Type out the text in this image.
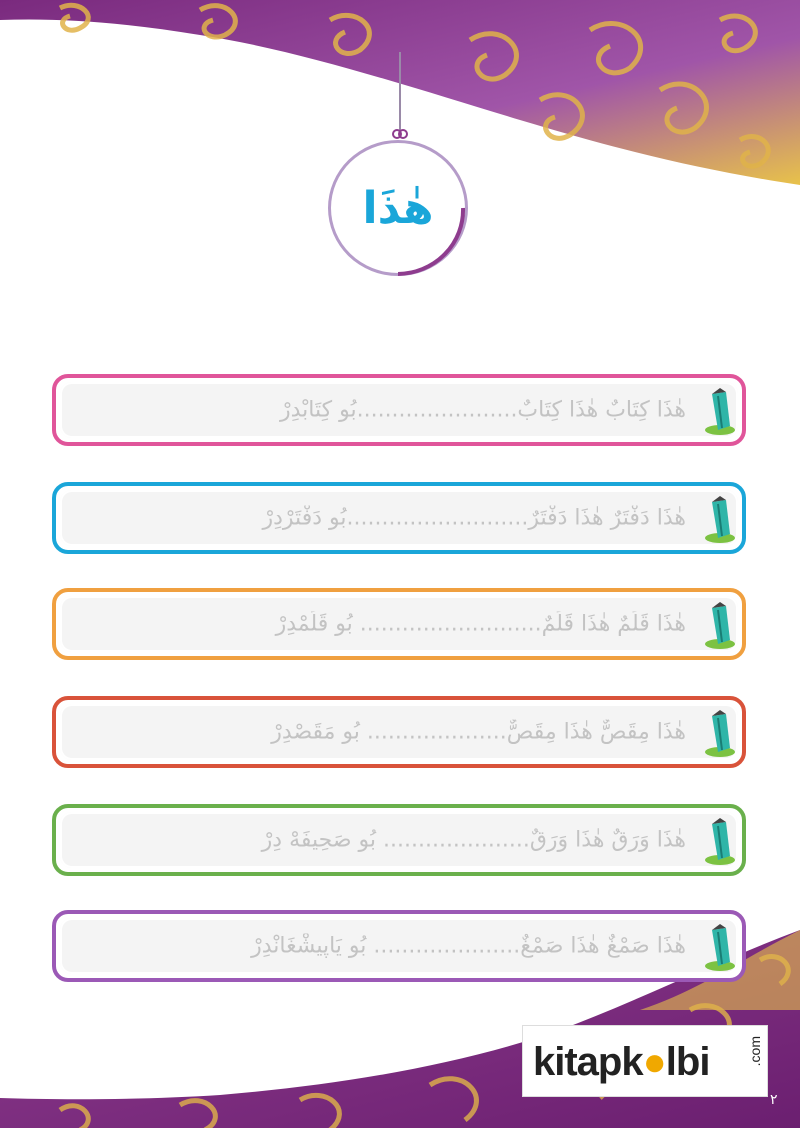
هٰذَا
هٰذَا كِتَابٌ هٰذَا كِتَابٌ.......................بُو كِتَابْدِرْ
هٰذَا دَفْتَرٌ هٰذَا دَفْتَرٌ..........................بُو دَفْتَرْدِرْ
هٰذَا قَلَمٌ هٰذَا قَلَمٌ.......................... بُو قَلَمْدِرْ
هٰذَا مِقَصٌّ هٰذَا مِقَصٌّ.................... بُو مَقَصْدِرْ
هٰذَا وَرَقٌ هٰذَا وَرَقٌ..................... بُو صَحِيفَهْ دِرْ
هٰذَا صَمْغٌ هٰذَا صَمْغٌ..................... بُو يَاپِيشْغَانْدِرْ
kitapk●lbi	.com
٢
